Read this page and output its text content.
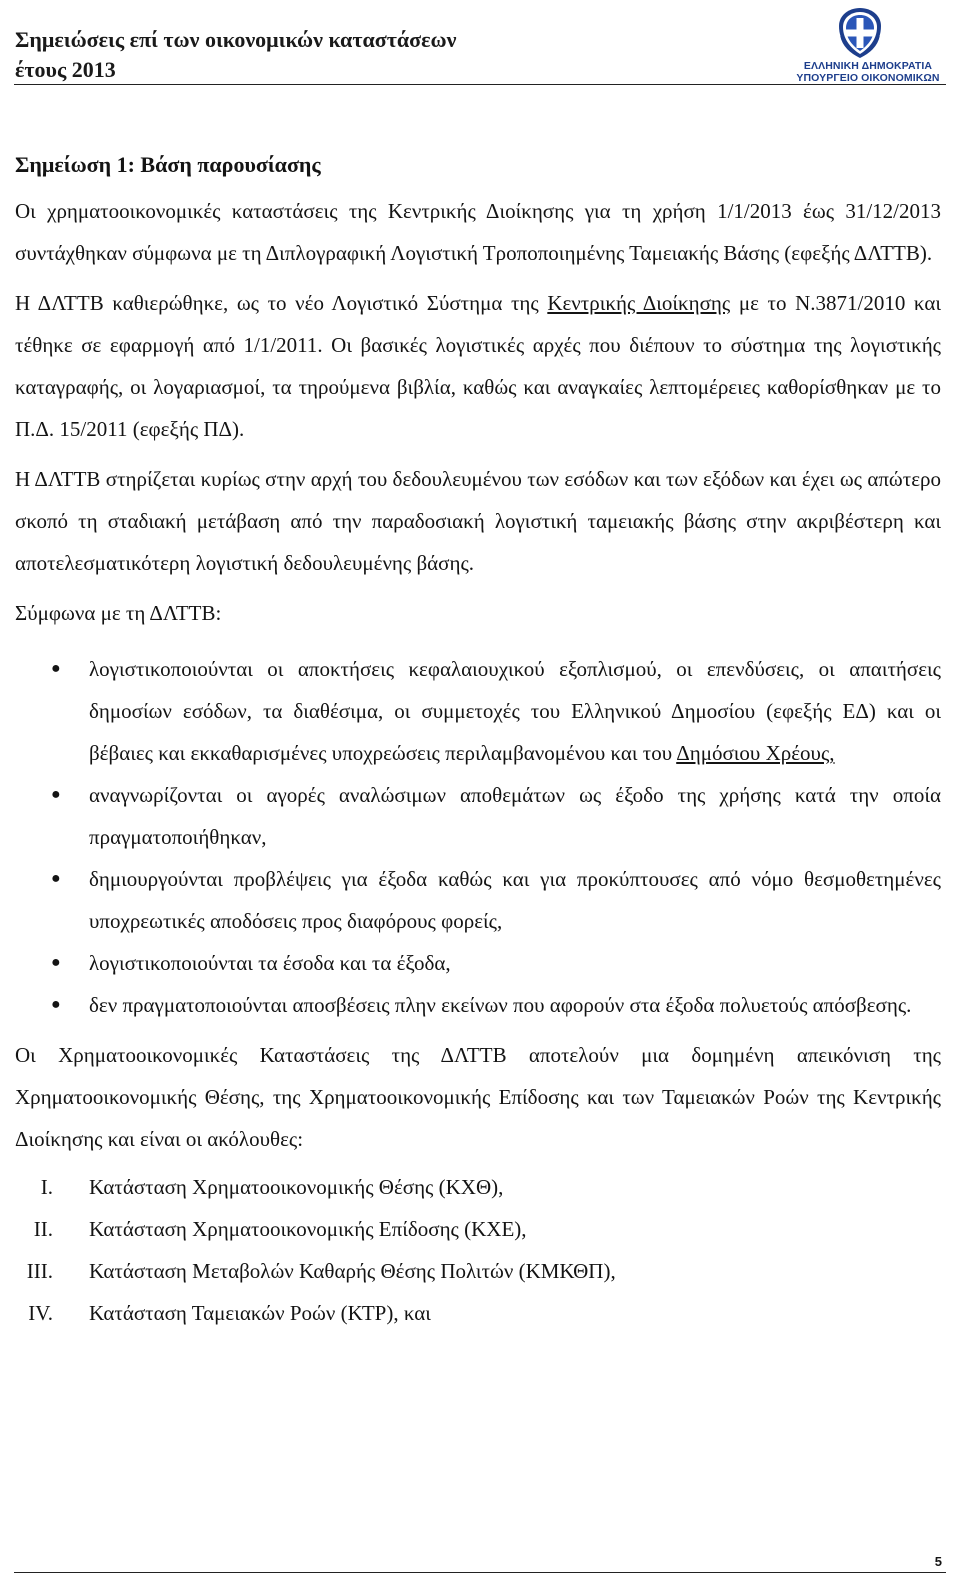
Σημειώσεις επί των οικονομικών καταστάσεων
έτους 2013	ΕΛΛΗΝΙΚΗ ΔΗΜΟΚΡΑΤΙΑ
ΥΠΟΥΡΓΕΙΟ ΟΙΚΟΝΟΜΙΚΩΝ
Σημείωση 1: Βάση παρουσίασης

Οι χρηματοοικονομικές καταστάσεις της Κεντρικής Διοίκησης για τη χρήση 1/1/2013 έως 31/12/2013 συντάχθηκαν σύμφωνα με τη Διπλογραφική Λογιστική Τροποποιημένης Ταμειακής Βάσης (εφεξής ΔΛΤΤΒ).

Η ΔΛΤΤΒ καθιερώθηκε, ως το νέο Λογιστικό Σύστημα της Κεντρικής Διοίκησης με το Ν.3871/2010 και τέθηκε σε εφαρμογή από 1/1/2011. Οι βασικές λογιστικές αρχές που διέπουν το σύστημα της λογιστικής καταγραφής, οι λογαριασμοί, τα τηρούμενα βιβλία, καθώς και αναγκαίες λεπτομέρειες καθορίσθηκαν με το Π.Δ. 15/2011 (εφεξής ΠΔ).

Η ΔΛΤΤΒ στηρίζεται κυρίως στην αρχή του δεδουλευμένου των εσόδων και των εξόδων και έχει ως απώτερο σκοπό τη σταδιακή μετάβαση από την παραδοσιακή λογιστική ταμειακής βάσης στην ακριβέστερη και αποτελεσματικότερη λογιστική δεδουλευμένης βάσης.

Σύμφωνα με τη ΔΛΤΤΒ:

● λογιστικοποιούνται οι αποκτήσεις κεφαλαιουχικού εξοπλισμού, οι επενδύσεις, οι απαιτήσεις δημοσίων εσόδων, τα διαθέσιμα, οι συμμετοχές του Ελληνικού Δημοσίου (εφεξής ΕΔ) και οι βέβαιες και εκκαθαρισμένες υποχρεώσεις περιλαμβανομένου και του Δημόσιου Χρέους,
● αναγνωρίζονται οι αγορές αναλώσιμων αποθεμάτων ως έξοδο της χρήσης κατά την οποία πραγματοποιήθηκαν,
● δημιουργούνται προβλέψεις για έξοδα καθώς και για προκύπτουσες από νόμο θεσμοθετημένες υποχρεωτικές αποδόσεις προς διαφόρους φορείς,
● λογιστικοποιούνται τα έσοδα και τα έξοδα,
● δεν πραγματοποιούνται αποσβέσεις πλην εκείνων που αφορούν στα έξοδα πολυετούς απόσβεσης.

Οι Χρηματοοικονομικές Καταστάσεις της ΔΛΤΤΒ αποτελούν μια δομημένη απεικόνιση της Χρηματοοικονομικής Θέσης, της Χρηματοοικονομικής Επίδοσης και των Ταμειακών Ροών της Κεντρικής Διοίκησης και είναι οι ακόλουθες:

I. Κατάσταση Χρηματοοικονομικής Θέσης (ΚΧΘ),
II. Κατάσταση Χρηματοοικονομικής Επίδοσης (ΚΧΕ),
III. Κατάσταση Μεταβολών Καθαρής Θέσης Πολιτών (ΚΜΚΘΠ),
IV. Κατάσταση Ταμειακών Ροών (ΚΤΡ), και
5
